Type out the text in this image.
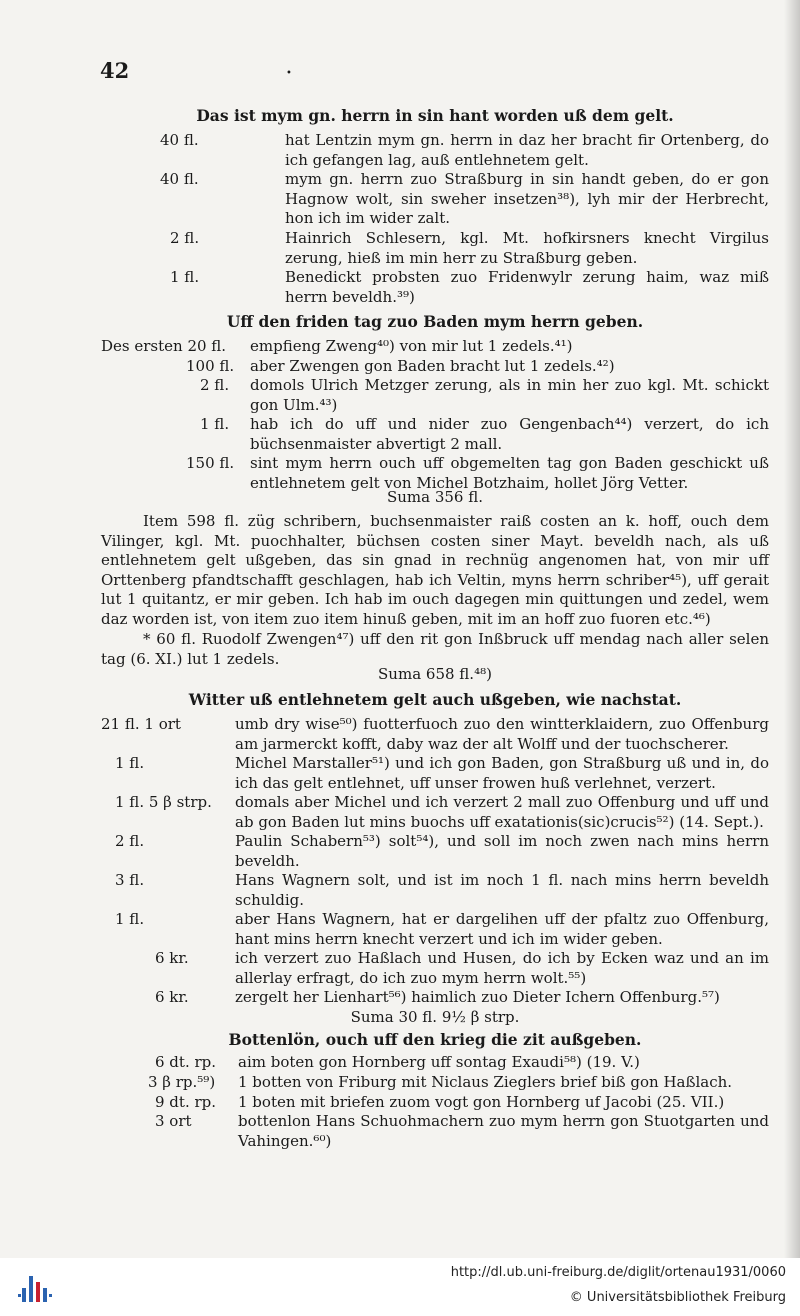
42	•
Das ist mym gn. herrn in sin hant worden uß dem gelt.
40 fl.	hat Lentzin mym gn. herrn in daz her bracht fir Ortenberg, do ich gefangen lag, auß entlehnetem gelt.
40 fl.	mym gn. herrn zuo Straßburg in sin handt geben, do er gon Hagnow wolt, sin sweher insetzen³⁸), lyh mir der Herbrecht, hon ich im wider zalt.
2 fl.	Hainrich Schlesern, kgl. Mt. hofkirsners knecht Virgilus zerung, hieß im min herr zu Straßburg geben.
1 fl.	Benedickt probsten zuo Fridenwylr zerung haim, waz miß herrn beveldh.³⁹)
Uff den friden tag zuo Baden mym herrn geben.
Des ersten 20 fl. empfieng Zweng⁴⁰) von mir lut 1 zedels.⁴¹)
100 fl. aber Zwengen gon Baden bracht lut 1 zedels.⁴²)
2 fl. domols Ulrich Metzger zerung, als in min her zuo kgl. Mt. schickt gon Ulm.⁴³)
1 fl. hab ich do uff und nider zuo Gengenbach⁴⁴) verzert, do ich büchsenmaister abvertigt 2 mall.
150 fl. sint mym herrn ouch uff obgemelten tag gon Baden geschickt uß entlehnetem gelt von Michel Botzhaim, hollet Jörg Vetter.
Suma 356 fl.
Item 598 fl. züg schribern, buchsenmaister raiß costen an k. hoff, ouch dem Vilinger, kgl. Mt. puochhalter, büchsen costen siner Mayt. beveldh nach, als uß entlehnetem gelt ußgeben, das sin gnad in rechnüg angenomen hat, von mir uff Orttenberg pfandtschafft geschlagen, hab ich Veltin, myns herrn schriber⁴⁵), uff gerait lut 1 quitantz, er mir geben. Ich hab im ouch dagegen min quittungen und zedel, wem daz worden ist, von item zuo item hinuß geben, mit im an hoff zuo fuoren etc.⁴⁶)
* 60 fl. Ruodolf Zwengen⁴⁷) uff den rit gon Inßbruck uff mendag nach aller selen tag (6. XI.) lut 1 zedels.
Suma 658 fl.⁴⁸)
Witter uß entlehnetem gelt auch ußgeben, wie nachstat.
21 fl. 1 ort	umb dry wise⁵⁰) fuotterfuoch zuo den wintterklaidern, zuo Offenburg am jarmerckt kofft, daby waz der alt Wolff und der tuochscherer.
1 fl.	Michel Marstaller⁵¹) und ich gon Baden, gon Straßburg uß und in, do ich das gelt entlehnet, uff unser frowen huß verlehnet, verzert.
1 fl. 5 β strp. domals aber Michel und ich verzert 2 mall zuo Offenburg und uff und ab gon Baden lut mins buochs uff exatationis(sic)crucis⁵²) (14. Sept.).
2 fl.	Paulin Schabern⁵³) solt⁵⁴), und soll im noch zwen nach mins herrn beveldh.
3 fl.	Hans Wagnern solt, und ist im noch 1 fl. nach mins herrn beveldh schuldig.
1 fl.	aber Hans Wagnern, hat er dargelihen uff der pfaltz zuo Offenburg, hant mins herrn knecht verzert und ich im wider geben.
6 kr.	ich verzert zuo Haßlach und Husen, do ich by Ecken waz und an im allerlay erfragt, do ich zuo mym herrn wolt.⁵⁵)
6 kr.	zergelt her Lienhart⁵⁶) haimlich zuo Dieter Ichern Offenburg.⁵⁷)
Suma 30 fl. 9½ β strp.
Bottenlön, ouch uff den krieg die zit außgeben.
6 dt. rp. aim boten gon Hornberg uff sontag Exaudi⁵⁸) (19. V.)
3 β rp.⁵⁹) 1 botten von Friburg mit Niclaus Zieglers brief biß gon Haßlach.
9 dt. rp. 1 boten mit briefen zuom vogt gon Hornberg uf Jacobi (25. VII.)
3 ort	bottenlon Hans Schuohmachern zuo mym herrn gon Stuotgarten und Vahingen.⁶⁰)
http://dl.ub.uni-freiburg.de/diglit/ortenau1931/0060
© Universitätsbibliothek Freiburg
